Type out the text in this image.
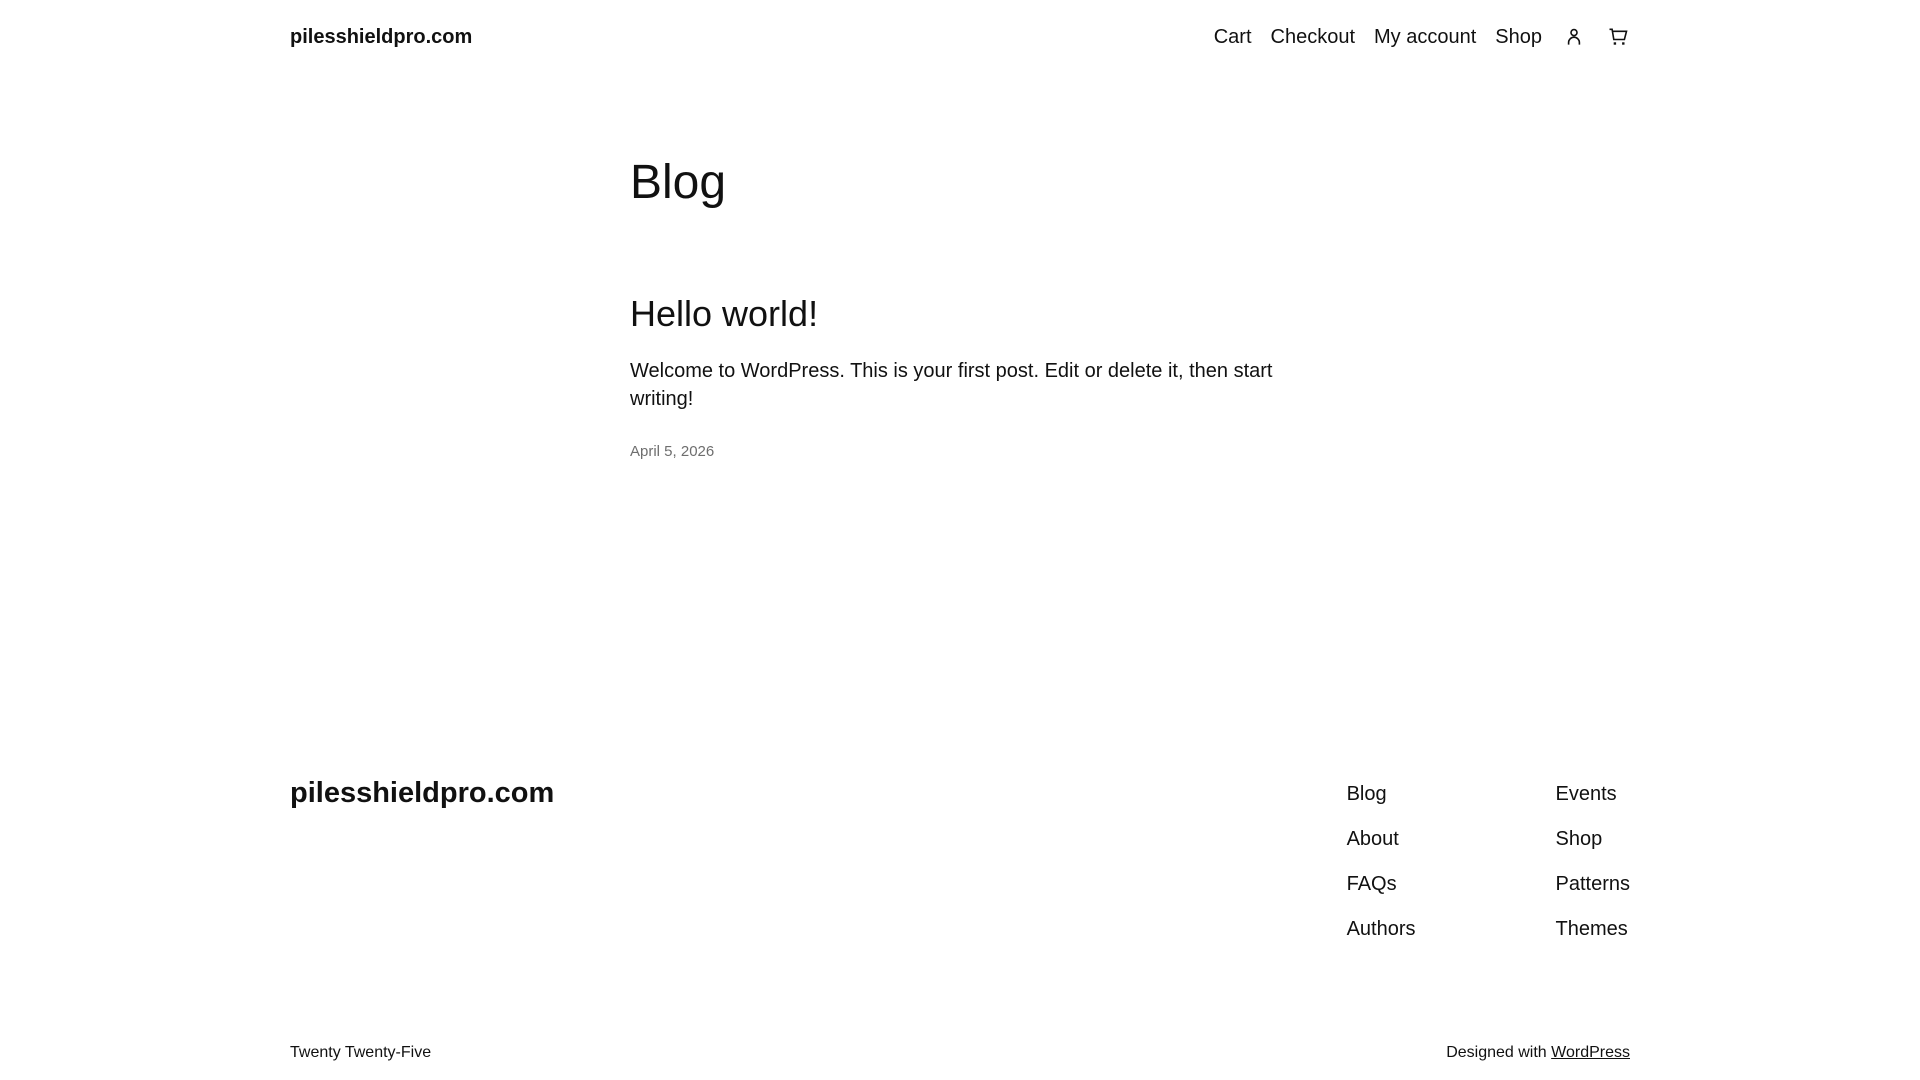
pilesshieldpro.com	Cart Checkout My account Shop
Blog
Hello world!

Welcome to WordPress. This is your first post. Edit or delete it, then start writing!

April 5, 2026
pilesshieldpro.com	Blog
About
FAQs
Authors
Events
Shop
Patterns
Themes
Twenty Twenty-Five	Designed with WordPress
